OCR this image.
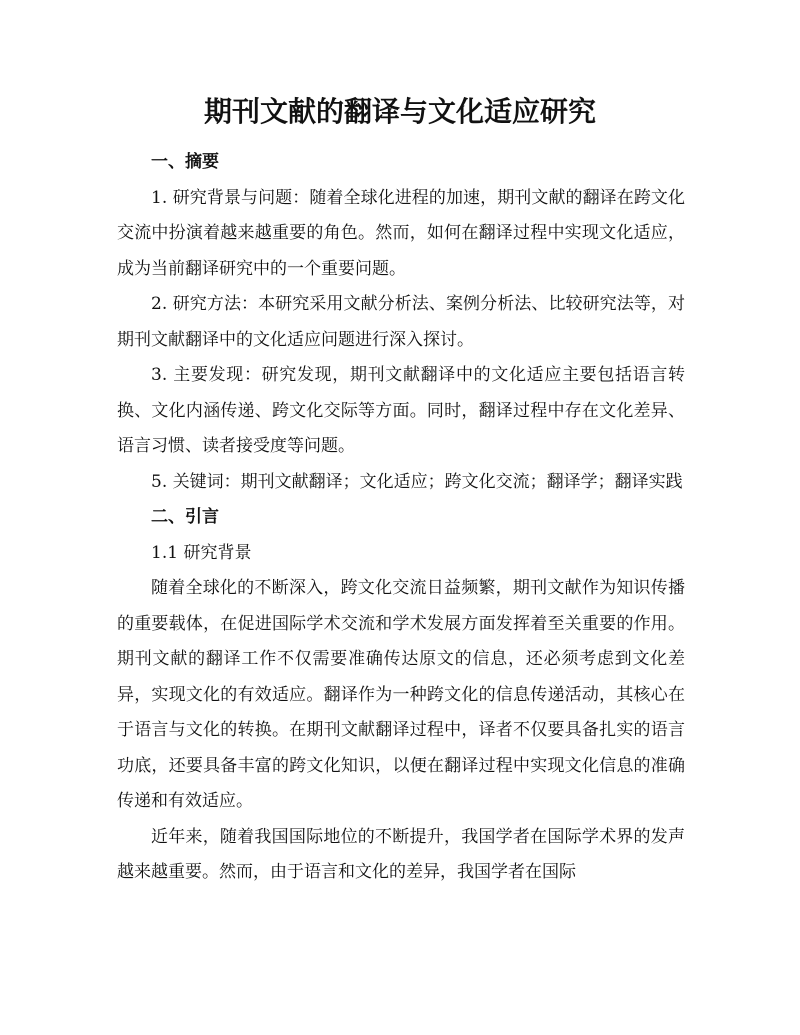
期刊文献的翻译与文化适应研究
一、摘要

1. 研究背景与问题：随着全球化进程的加速，期刊文献的翻译在跨文化交流中扮演着越来越重要的角色。然而，如何在翻译过程中实现文化适应，成为当前翻译研究中的一个重要问题。

2. 研究方法：本研究采用文献分析法、案例分析法、比较研究法等，对期刊文献翻译中的文化适应问题进行深入探讨。

3. 主要发现：研究发现，期刊文献翻译中的文化适应主要包括语言转换、文化内涵传递、跨文化交际等方面。同时，翻译过程中存在文化差异、语言习惯、读者接受度等问题。

5. 关键词：期刊文献翻译；文化适应；跨文化交流；翻译学；翻译实践

二、引言
1.1 研究背景

随着全球化的不断深入，跨文化交流日益频繁，期刊文献作为知识传播的重要载体，在促进国际学术交流和学术发展方面发挥着至关重要的作用。期刊文献的翻译工作不仅需要准确传达原文的信息，还必须考虑到文化差异，实现文化的有效适应。翻译作为一种跨文化的信息传递活动，其核心在于语言与文化的转换。在期刊文献翻译过程中，译者不仅要具备扎实的语言功底，还要具备丰富的跨文化知识，以便在翻译过程中实现文化信息的准确传递和有效适应。

近年来，随着我国国际地位的不断提升，我国学者在国际学术界的发声越来越重要。然而，由于语言和文化的差异，我国学者在国际
